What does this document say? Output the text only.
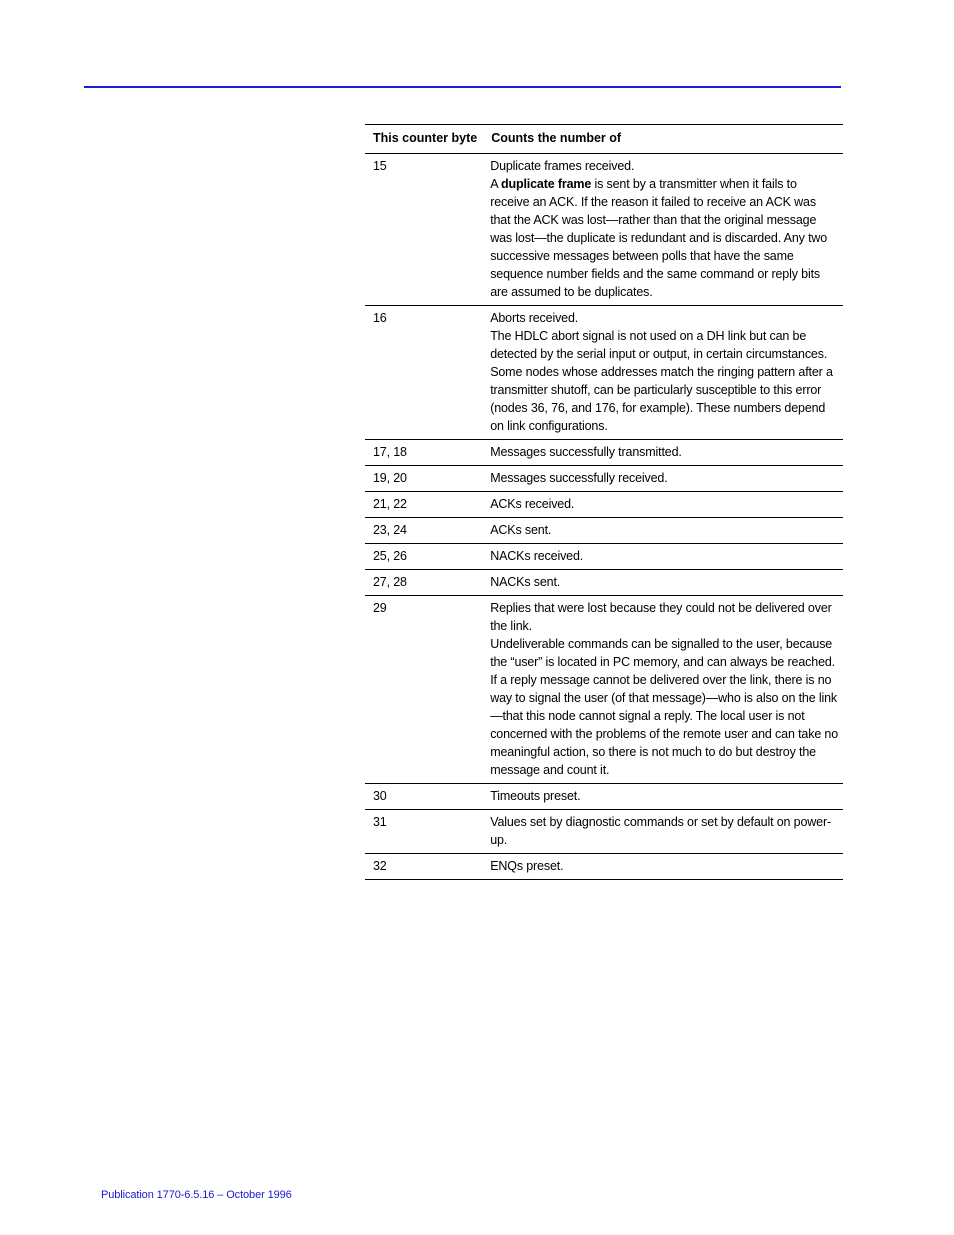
This counter byte	Counts the number of
15	Duplicate frames received.
A duplicate frame is sent by a transmitter when it fails to receive an ACK. If the reason it failed to receive an ACK was that the ACK was lost—rather than that the original message was lost—the duplicate is redundant and is discarded. Any two successive messages between polls that have the same sequence number fields and the same command or reply bits are assumed to be duplicates.

16	Aborts received.
The HDLC abort signal is not used on a DH link but can be detected by the serial input or output, in certain circumstances. Some nodes whose addresses match the ringing pattern after a transmitter shutoff, can be particularly susceptible to this error (nodes 36, 76, and 176, for example). These numbers depend on link configurations.

17, 18	Messages successfully transmitted.

19, 20	Messages successfully received.

21, 22	ACKs received.

23, 24	ACKs sent.

25, 26	NACKs received.

27, 28	NACKs sent.

29	Replies that were lost because they could not be delivered over the link.
Undeliverable commands can be signalled to the user, because the “user” is located in PC memory, and can always be reached.
If a reply message cannot be delivered over the link, there is no way to signal the user (of that message)—who is also on the link—that this node cannot signal a reply. The local user is not concerned with the problems of the remote user and can take no meaningful action, so there is not much to do but destroy the message and count it.

30	Timeouts preset.

31	Values set by diagnostic commands or set by default on power-up.

32	ENQs preset.
Publication 1770-6.5.16 – October 1996
